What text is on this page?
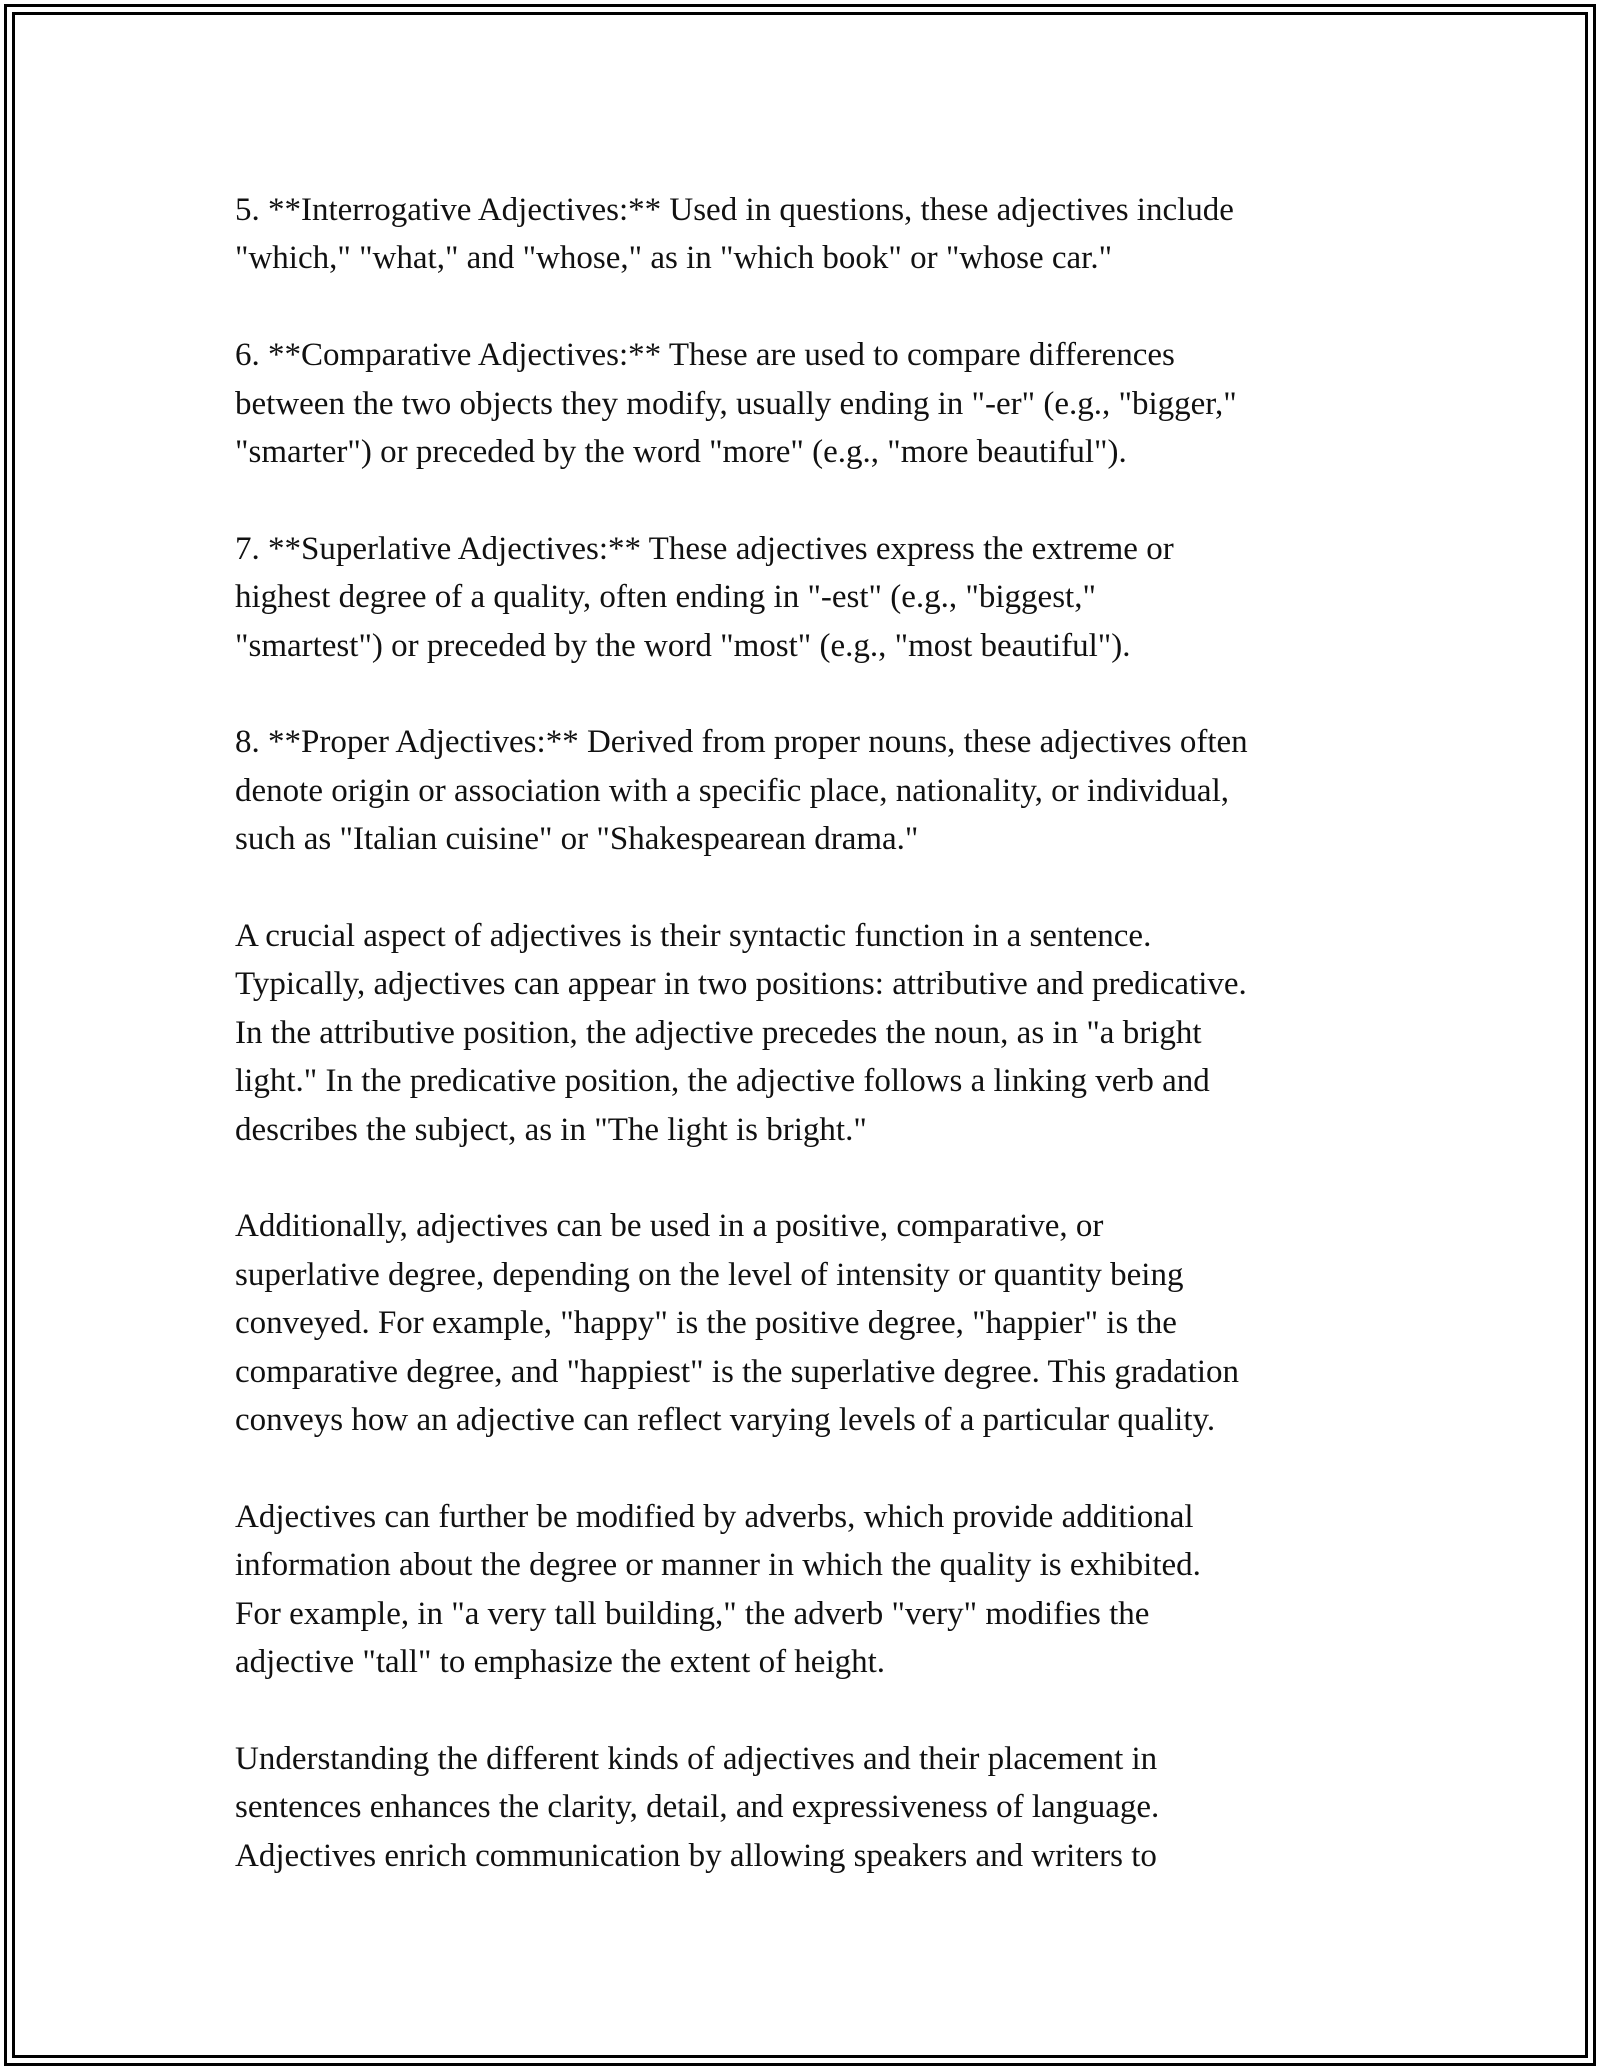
5. **Interrogative Adjectives:** Used in questions, these adjectives include
"which," "what," and "whose," as in "which book" or "whose car."

6. **Comparative Adjectives:** These are used to compare differences
between the two objects they modify, usually ending in "-er" (e.g., "bigger,"
"smarter") or preceded by the word "more" (e.g., "more beautiful").

7. **Superlative Adjectives:** These adjectives express the extreme or
highest degree of a quality, often ending in "-est" (e.g., "biggest,"
"smartest") or preceded by the word "most" (e.g., "most beautiful").

8. **Proper Adjectives:** Derived from proper nouns, these adjectives often
denote origin or association with a specific place, nationality, or individual,
such as "Italian cuisine" or "Shakespearean drama."

A crucial aspect of adjectives is their syntactic function in a sentence.
Typically, adjectives can appear in two positions: attributive and predicative.
In the attributive position, the adjective precedes the noun, as in "a bright
light." In the predicative position, the adjective follows a linking verb and
describes the subject, as in "The light is bright."

Additionally, adjectives can be used in a positive, comparative, or
superlative degree, depending on the level of intensity or quantity being
conveyed. For example, "happy" is the positive degree, "happier" is the
comparative degree, and "happiest" is the superlative degree. This gradation
conveys how an adjective can reflect varying levels of a particular quality.

Adjectives can further be modified by adverbs, which provide additional
information about the degree or manner in which the quality is exhibited.
For example, in "a very tall building," the adverb "very" modifies the
adjective "tall" to emphasize the extent of height.

Understanding the different kinds of adjectives and their placement in
sentences enhances the clarity, detail, and expressiveness of language.
Adjectives enrich communication by allowing speakers and writers to
